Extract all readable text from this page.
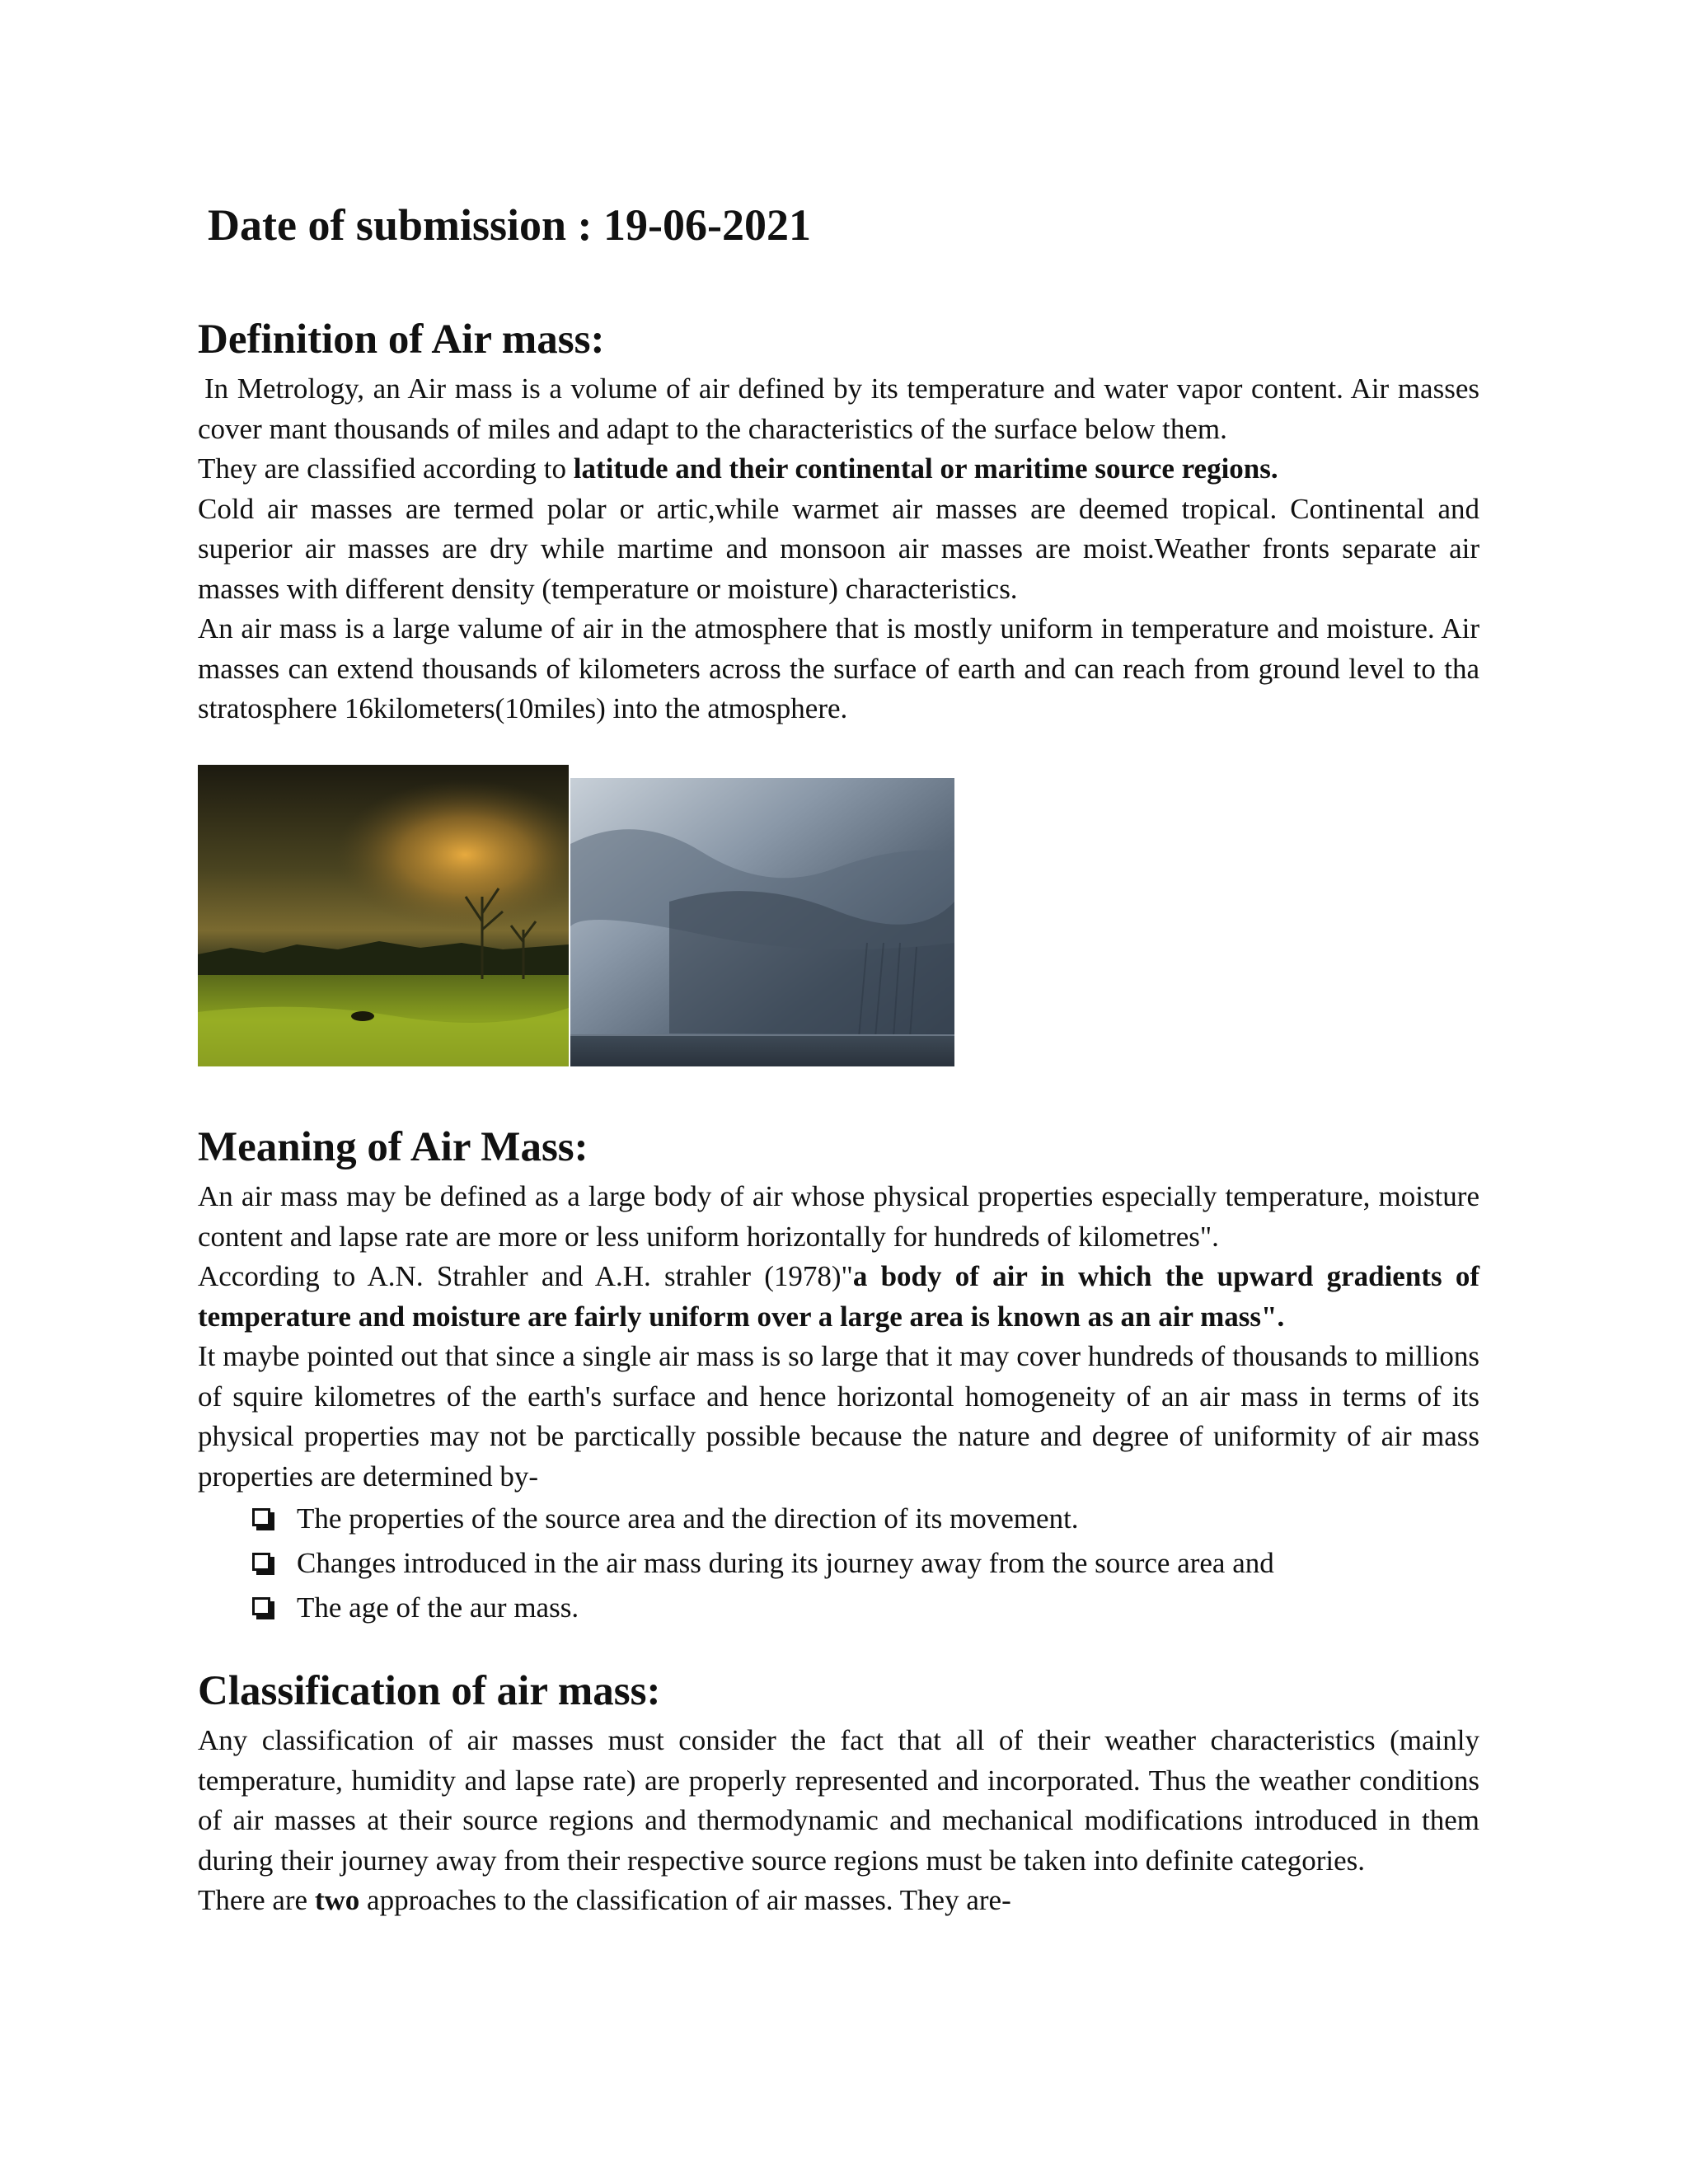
Date of submission : 19-06-2021
Definition of Air mass:

In Metrology, an Air mass is a volume of air defined by its temperature and water vapor content. Air masses cover mant thousands of miles and adapt to the characteristics of the surface below them.

They are classified according to latitude and their continental or maritime source regions.

Cold air masses are termed polar or artic,while warmet air masses are deemed tropical. Continental and superior air masses are dry while martime and monsoon air masses are moist.Weather fronts separate air masses with different density (temperature or moisture) characteristics.

An air mass is a large valume of air in the atmosphere that is mostly uniform in temperature and moisture. Air masses can extend thousands of kilometers across the surface of earth and can reach from ground level to tha stratosphere 16kilometers(10miles) into the atmosphere.

Meaning of Air Mass:

An air mass may be defined as a large body of air whose physical properties especially temperature, moisture content and lapse rate are more or less uniform horizontally for hundreds of kilometres".

According to A.N. Strahler and A.H. strahler (1978)"a body of air in which the upward gradients of temperature and moisture are fairly uniform over a large area is known as an air mass".

It maybe pointed out that since a single air mass is so large that it may cover hundreds of thousands to millions of squire kilometres of the earth's surface and hence horizontal homogeneity of an air mass in terms of its physical properties may not be parctically possible because the nature and degree of uniformity of air mass properties are determined by-

The properties of the source area and the direction of its movement.
Changes introduced in the air mass during its journey away from the source area and
The age of the aur mass.
Classification of air mass:

Any classification of air masses must consider the fact that all of their weather characteristics (mainly temperature, humidity and lapse rate) are properly represented and incorporated. Thus the weather conditions of air masses at their source regions and thermodynamic and mechanical modifications introduced in them during their journey away from their respective source regions must be taken into definite categories.

There are two approaches to the classification of air masses. They are-
